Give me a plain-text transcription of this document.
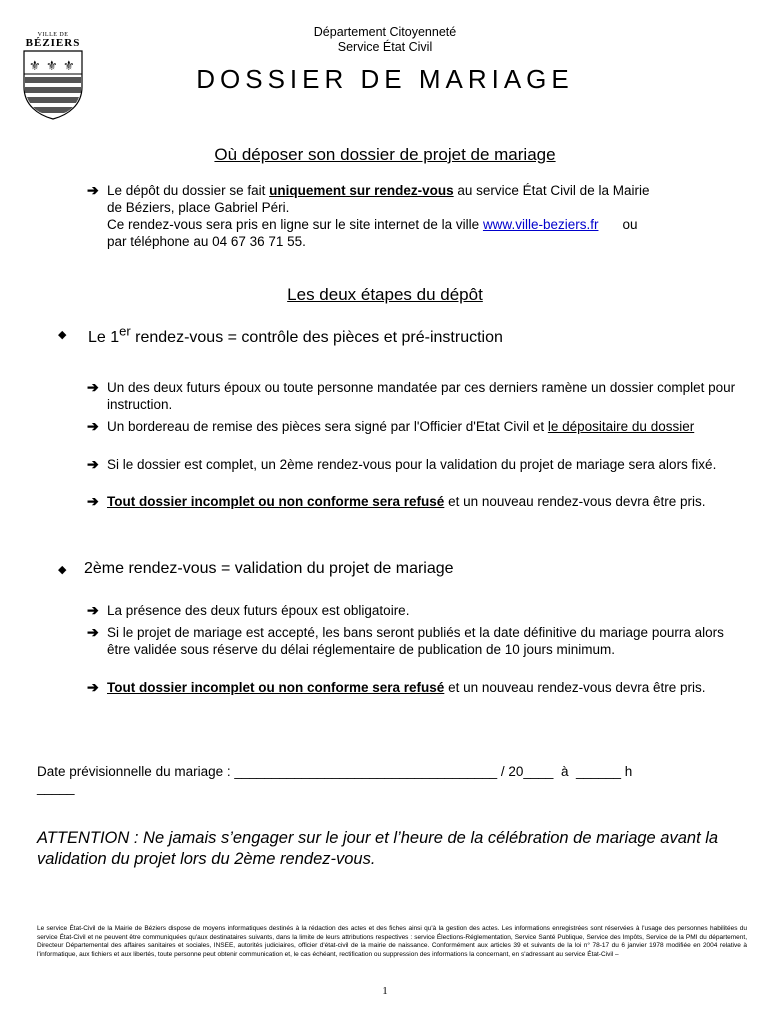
VILLE DE
BÉZIERS
⚜ ⚜ ⚜
Département Citoyenneté
Service État Civil
DOSSIER DE MARIAGE
Où déposer son dossier de projet de mariage
➔ Le dépôt du dossier se fait uniquement sur rendez-vous au service État Civil de la Mairie
de Béziers, place Gabriel Péri.
Ce rendez-vous sera pris en ligne sur le site internet de la ville www.ville-beziers.fr ou
par téléphone au 04 67 36 71 55.
Les deux étapes du dépôt
◆ Le 1er rendez-vous = contrôle des pièces et pré-instruction
➔ Un des deux futurs époux ou toute personne mandatée par ces derniers ramène un dossier complet pour instruction.
➔ Un bordereau de remise des pièces sera signé par l'Officier d'Etat Civil et le dépositaire du dossier
➔ Si le dossier est complet, un 2ème rendez-vous pour la validation du projet de mariage sera alors fixé.
➔ Tout dossier incomplet ou non conforme sera refusé et un nouveau rendez-vous devra être pris.
◆ 2ème rendez-vous = validation du projet de mariage
➔ La présence des deux futurs époux est obligatoire.
➔ Si le projet de mariage est accepté, les bans seront publiés et la date définitive du mariage pourra alors être validée sous réserve du délai réglementaire de publication de 10 jours minimum.
➔ Tout dossier incomplet ou non conforme sera refusé et un nouveau rendez-vous devra être pris.
Date prévisionnelle du mariage : ___________________________________ / 20____  à  ______ h
_____
ATTENTION : Ne jamais s’engager sur le jour et l’heure de la célébration de mariage avant la validation du projet lors du 2ème rendez-vous.
Le service État-Civil de la Mairie de Béziers dispose de moyens informatiques destinés à la rédaction des actes et des fiches ainsi qu'à la gestion des actes. Les informations enregistrées sont réservées à l'usage des personnes habilitées du service État-Civil et ne peuvent être communiquées qu'aux destinataires suivants, dans la limite de leurs attributions respectives : service Élections-Réglementation, Service Santé Publique, Service des Impôts, Service de la PMI du département, Directeur Départemental des affaires sanitaires et sociales, INSEE, autorités judiciaires, officier d'état-civil de la mairie de naissance. Conformément aux articles 39 et suivants de la loi n° 78-17 du 6 janvier 1978 modifiée en 2004 relative à l'informatique, aux fichiers et aux libertés, toute personne peut obtenir communication et, le cas échéant, rectification ou suppression des informations la concernant, en s'adressant au service État-Civil –
1
